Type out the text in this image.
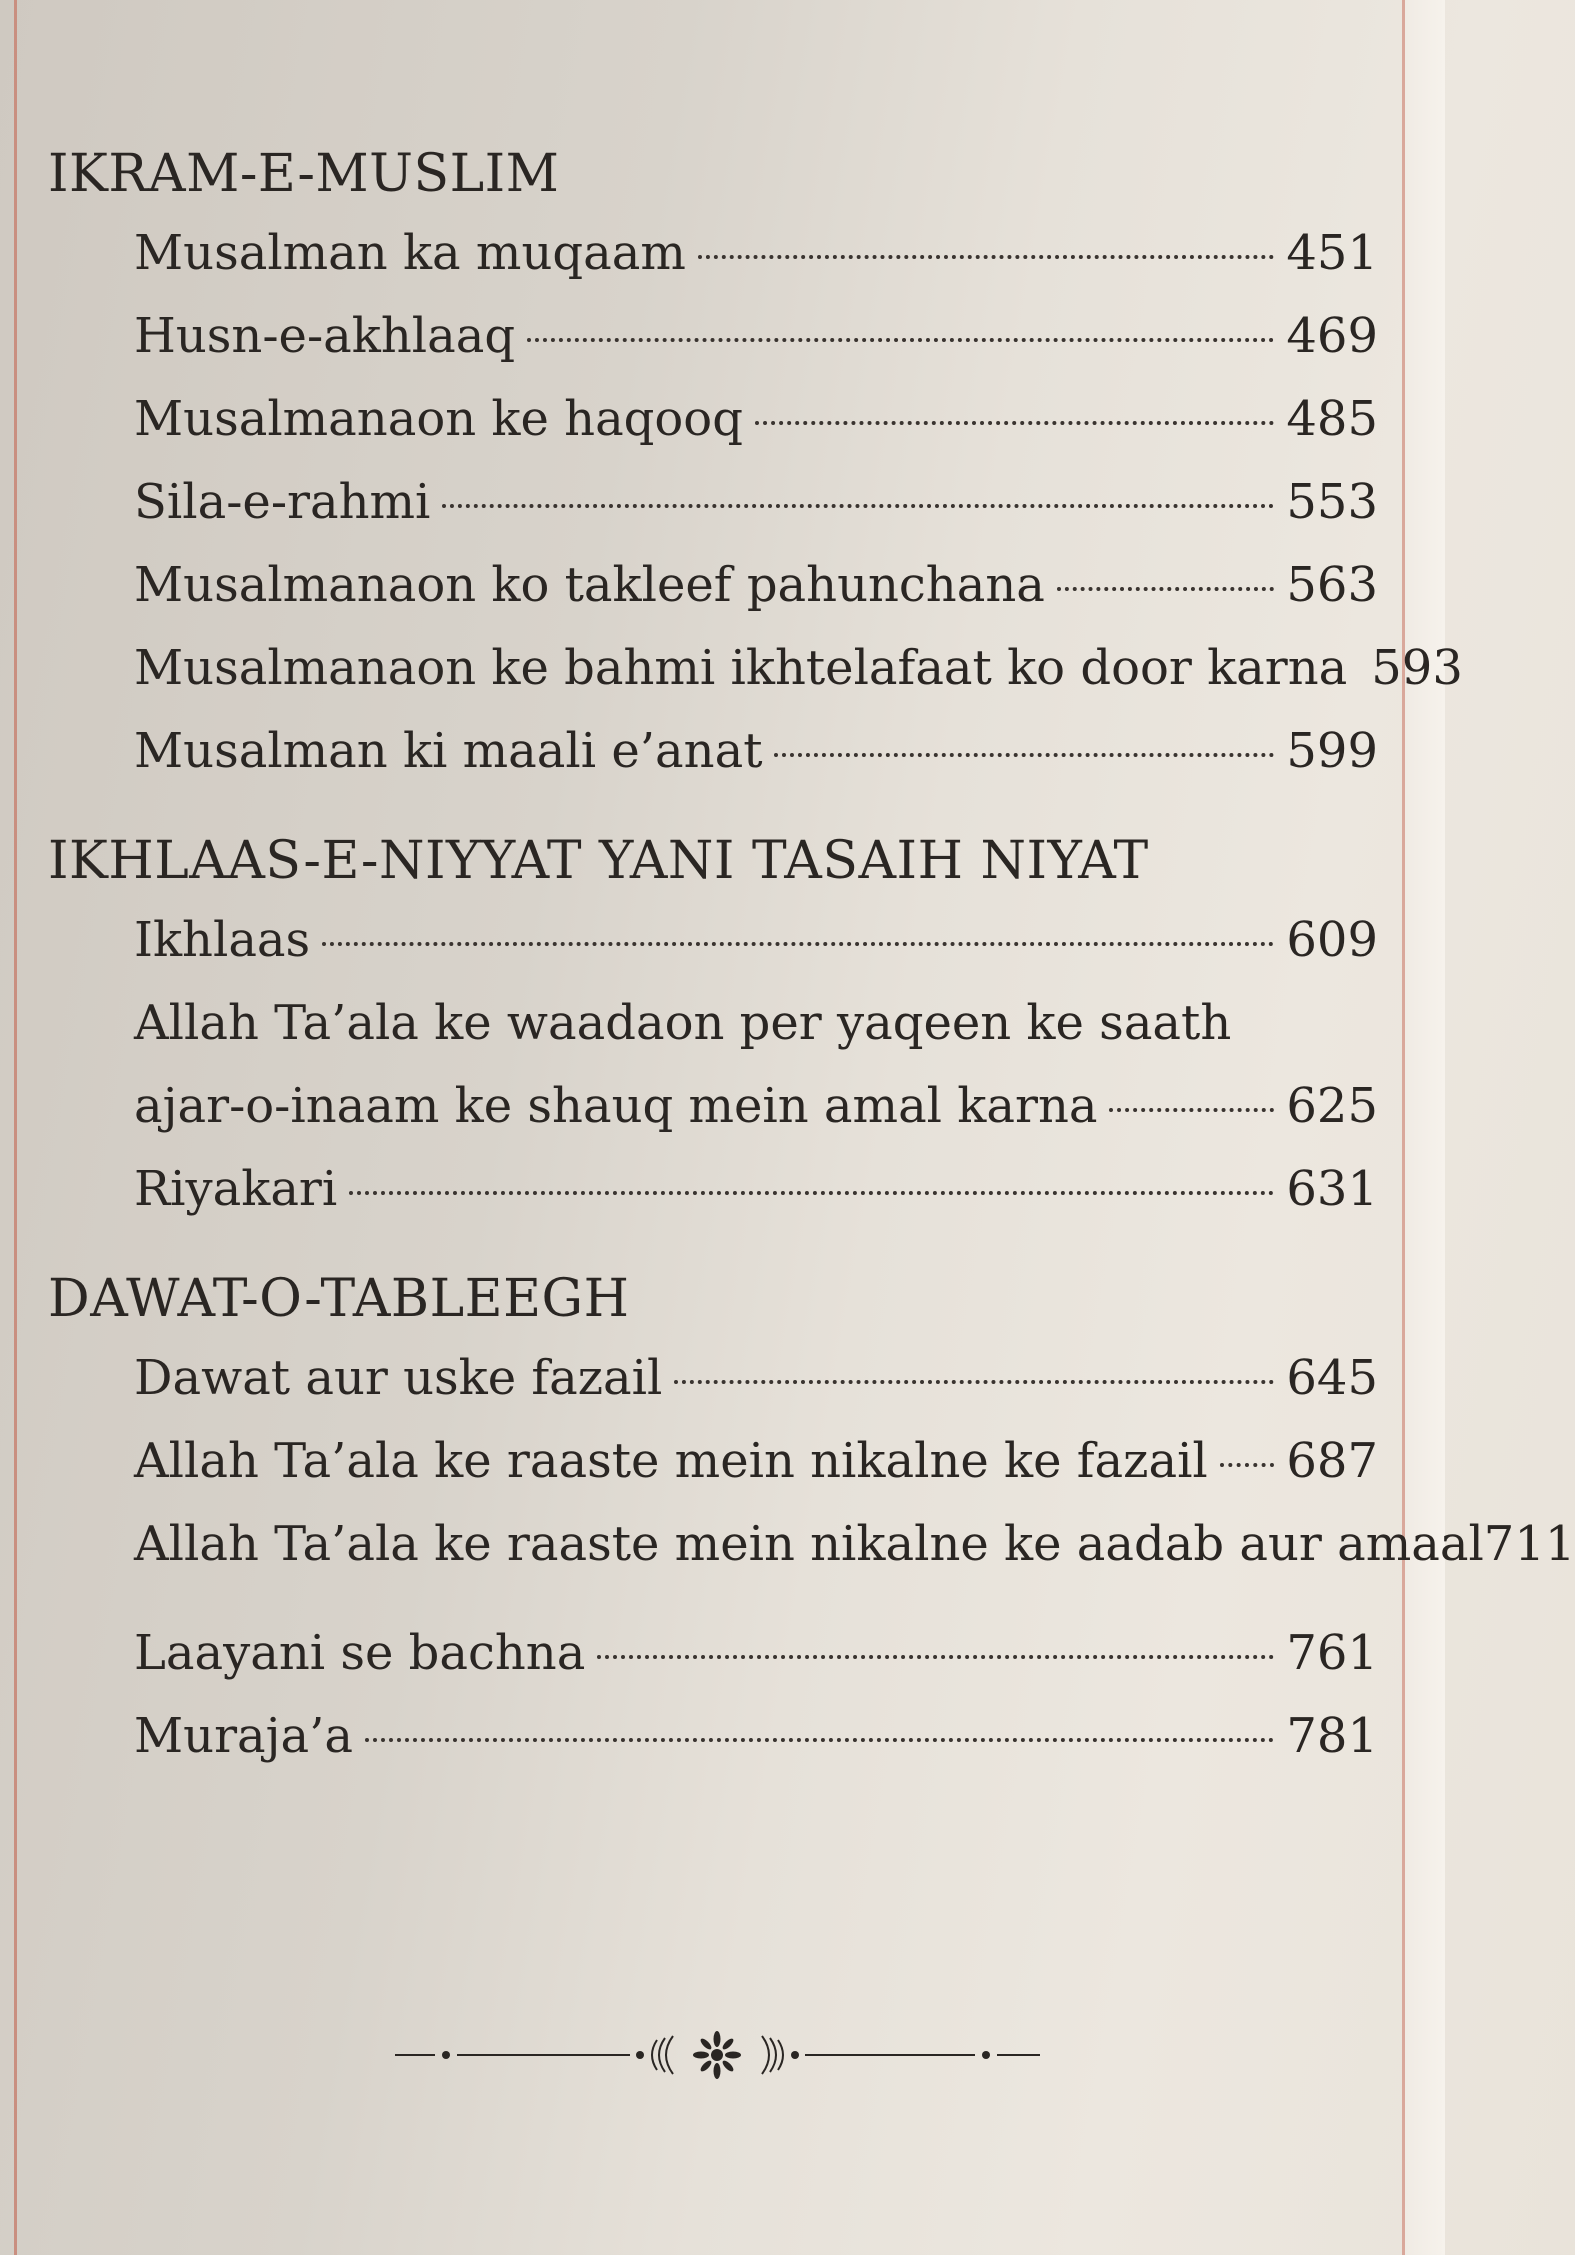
IKRAM-E-MUSLIM
Musalman ka muqaam	451
Husn-e-akhlaaq	469
Musalmanaon ke haqooq	485
Sila-e-rahmi	553
Musalmanaon ko takleef pahunchana	563
Musalmanaon ke bahmi ikhtelafaat ko door karna 593
Musalman ki maali e’anat	599
IKHLAAS-E-NIYYAT YANI TASAIH NIYAT
Ikhlaas	609
Allah Ta’ala ke waadaon per yaqeen ke saath
ajar-o-inaam ke shauq mein amal karna	625
Riyakari	631
DAWAT-O-TABLEEGH
Dawat aur uske fazail	645
Allah Ta’ala ke raaste mein nikalne ke fazail 687
Allah Ta’ala ke raaste mein nikalne ke aadab aur amaal 711
Laayani se bachna	761
Muraja’a	781
